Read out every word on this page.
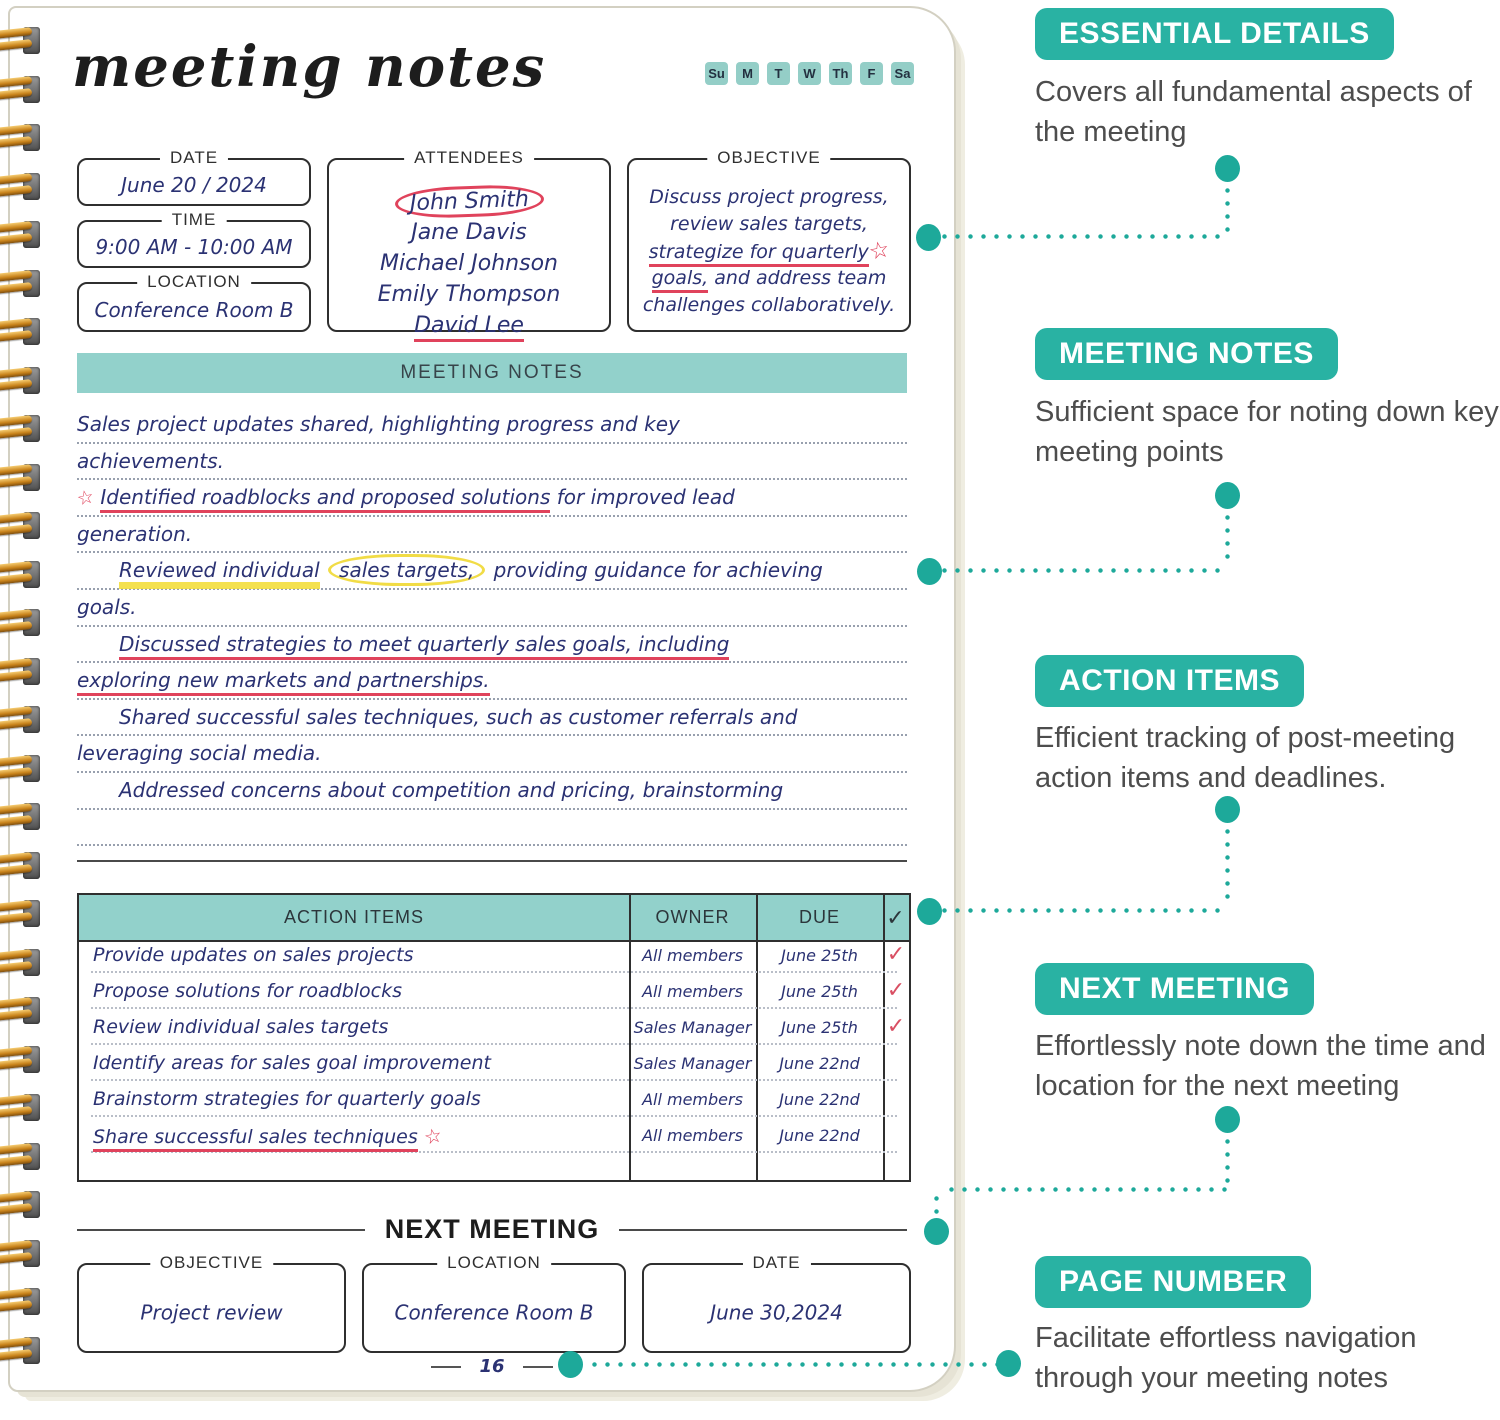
meeting notes	Su	M	T	W	Th	F	Sa
DATE
June 20 / 2024
TIME
9:00 AM - 10:00 AM
LOCATION
Conference Room B
ATTENDEES
John Smith
Jane Davis
Michael Johnson
Emily Thompson
David Lee
OBJECTIVE
Discuss project progress,
review sales targets,
strategize for quarterly☆
goals, and address team
challenges collaboratively.
MEETING NOTES
Sales project updates shared, highlighting progress and key
achievements.
☆ Identified roadblocks and proposed solutions for improved lead
generation.
Reviewed individual sales targets, providing guidance for achieving
goals.
Discussed strategies to meet quarterly sales goals, including
exploring new markets and partnerships.
Shared successful sales techniques, such as customer referrals and
leveraging social media.
Addressed concerns about competition and pricing, brainstorming
ACTION ITEMS	OWNER	DUE	✓
Provide updates on sales projects	All members	June 25th	✓
Propose solutions for roadblocks	All members	June 25th	✓
Review individual sales targets	Sales Manager	June 25th	✓
Identify areas for sales goal improvement	Sales Manager	June 22nd
Brainstorm strategies for quarterly goals	All members	June 22nd
Share successful sales techniques ☆	All members	June 22nd
NEXT MEETING
OBJECTIVE
Project review
LOCATION
Conference Room B
DATE
June 30,2024
16
ESSENTIAL DETAILS
Covers all fundamental aspects of the meeting
MEETING NOTES
Sufficient space for noting down key meeting points
ACTION ITEMS
Efficient tracking of post-meeting action items and deadlines.
NEXT MEETING
Effortlessly note down the time and location for the next meeting
PAGE NUMBER
Facilitate effortless navigation through your meeting notes
